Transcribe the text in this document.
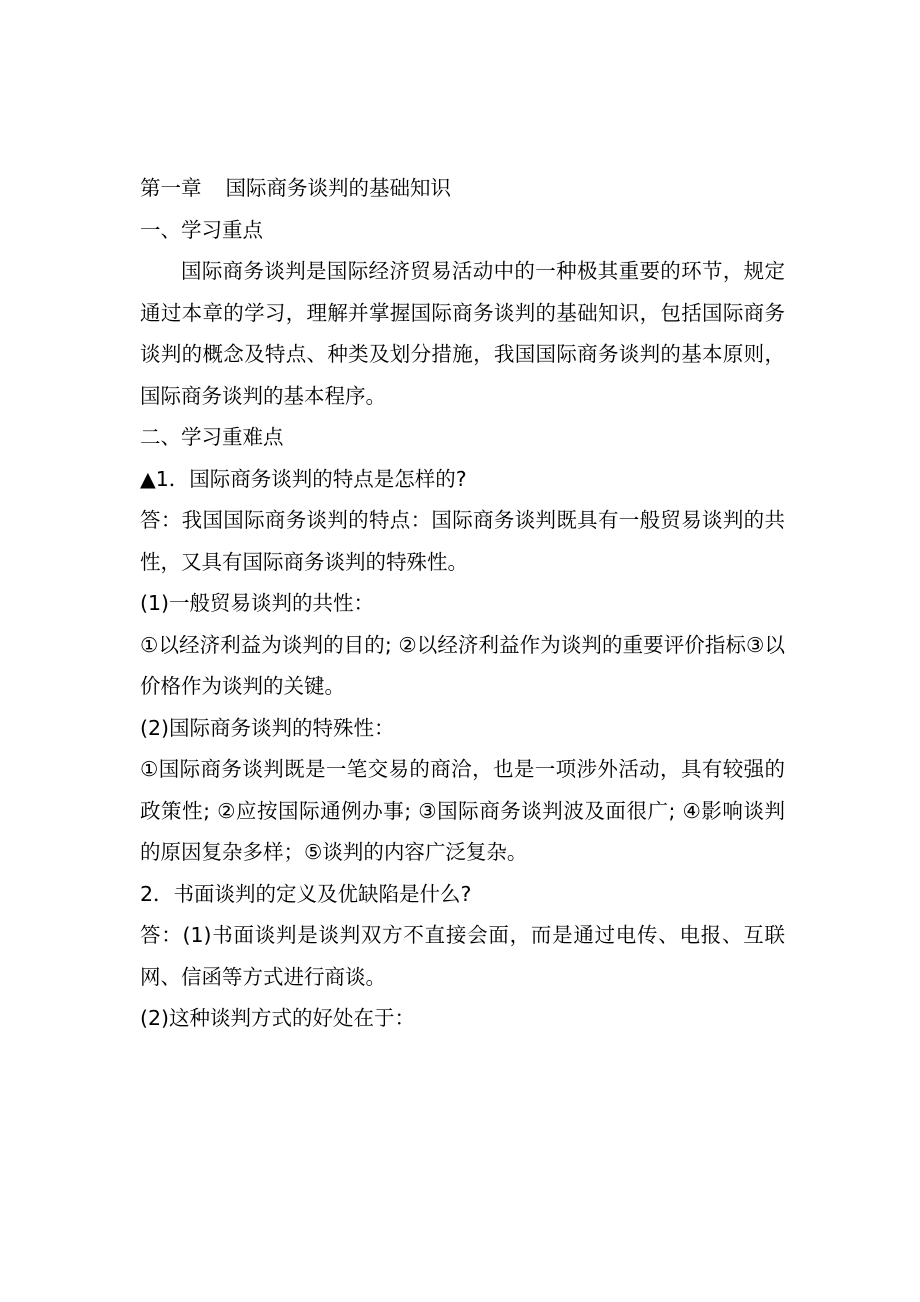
第一章 国际商务谈判的基础知识

一、学习重点

国际商务谈判是国际经济贸易活动中的一种极其重要的环节，规定通过本章的学习，理解并掌握国际商务谈判的基础知识，包括国际商务谈判的概念及特点、种类及划分措施，我国国际商务谈判的基本原则，国际商务谈判的基本程序。

二、学习重难点

▲1．国际商务谈判的特点是怎样的?

答：我国国际商务谈判的特点：国际商务谈判既具有一般贸易谈判的共性，又具有国际商务谈判的特殊性。

(1)一般贸易谈判的共性：

①以经济利益为谈判的目的; ②以经济利益作为谈判的重要评价指标③以价格作为谈判的关键。

(2)国际商务谈判的特殊性：

①国际商务谈判既是一笔交易的商洽，也是一项涉外活动，具有较强的政策性; ②应按国际通例办事; ③国际商务谈判波及面很广; ④影响谈判的原因复杂多样；⑤谈判的内容广泛复杂。

2．书面谈判的定义及优缺陷是什么?

答：(1)书面谈判是谈判双方不直接会面，而是通过电传、电报、互联网、信函等方式进行商谈。

(2)这种谈判方式的好处在于：
